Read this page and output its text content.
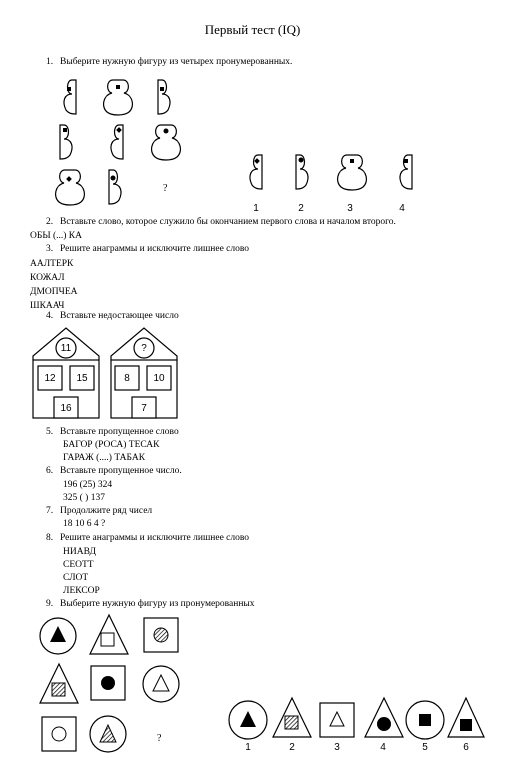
Первый тест (IQ)
1. Выберите нужную фигуру из четырех пронумерованных.
?
1	2	3	4
2. Вставьте слово, которое служило бы окончанием первого слова и началом второго.
ОБЫ (...) КА
3. Решите анаграммы и исключите лишнее слово
ААЛТЕРК
КОЖАЛ
ДМОПЧЕА
ШКААЧ
4. Вставьте недостающее число
5. Вставьте пропущенное слово
БАГОР (РОСА) ТЕСАК
ГАРАЖ (....) ТАБАК
6. Вставьте пропущенное число.
196 (25) 324
325 ( ) 137
7. Продолжите ряд чисел
18 10 6 4 ?
8. Решите анаграммы и исключите лишнее слово
НИАВД
СЕОТТ
СЛОТ
ЛЕКСОР
9. Выберите нужную фигуру из пронумерованных
?
1	2	3	4	5	6
11
12	15
16
?
8	10
7
